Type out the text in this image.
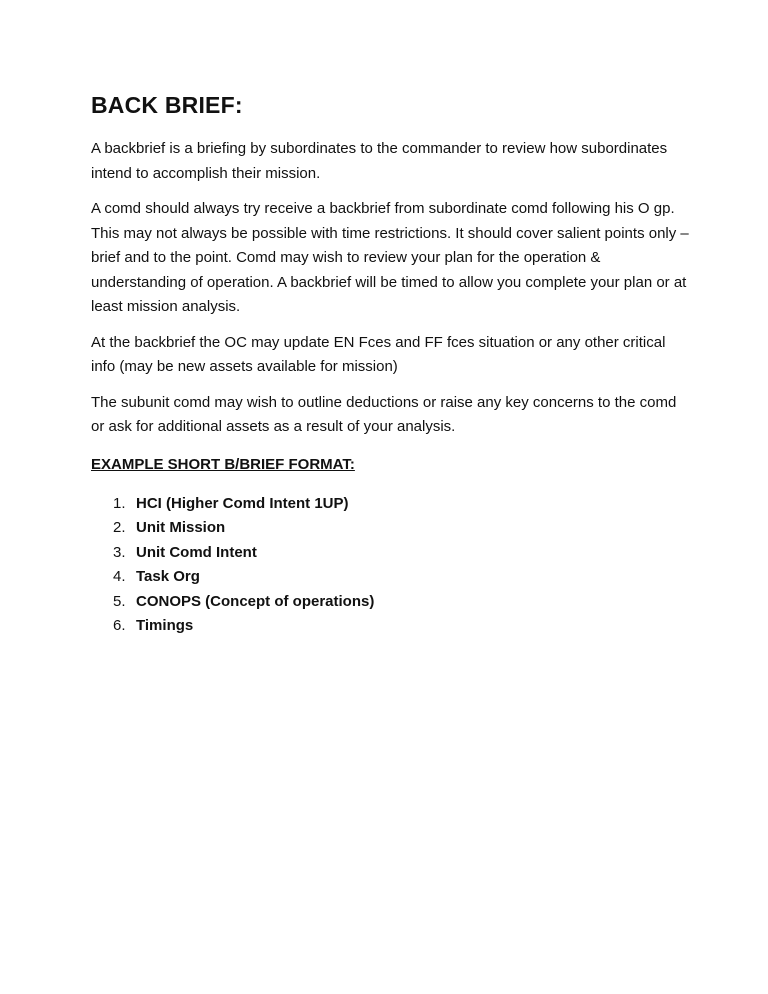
BACK BRIEF:

A backbrief is a briefing by subordinates to the commander to review how subordinates intend to accomplish their mission.

A comd should always try receive a backbrief from subordinate comd following his O gp. This may not always be possible with time restrictions. It should cover salient points only – brief and to the point. Comd may wish to review your plan for the operation & understanding of operation. A backbrief will be timed to allow you complete your plan or at least mission analysis.

At the backbrief the OC may update EN Fces and FF fces situation or any other critical info (may be new assets available for mission)

The subunit comd may wish to outline deductions or raise any key concerns to the comd or ask for additional assets as a result of your analysis.

EXAMPLE SHORT B/BRIEF FORMAT:
1. HCI (Higher Comd Intent 1UP)
2. Unit Mission
3. Unit Comd Intent
4. Task Org
5. CONOPS (Concept of operations)
6. Timings
